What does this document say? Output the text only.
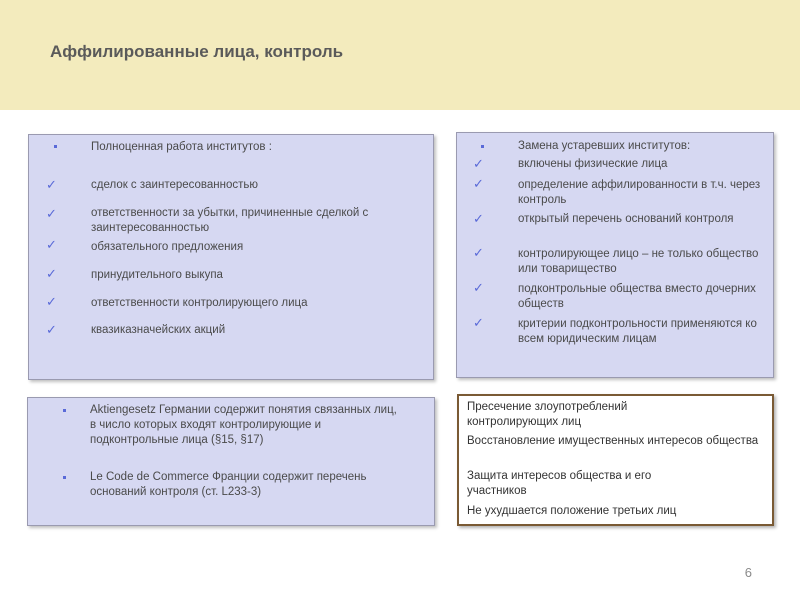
Аффилированные лица, контроль
Полноценная работа институтов :
✓	сделок с заинтересованностью
✓	ответственности за убытки, причиненные сделкой с заинтересованностью
✓	обязательного предложения
✓	принудительного выкупа
✓	ответственности контролирующего лица
✓	квазиказначейских акций
Замена устаревших институтов:
✓	включены физические лица
✓	определение аффилированности в т.ч. через контроль
✓	открытый перечень оснований контроля
✓	контролирующее лицо – не только общество или товарищество
✓	подконтрольные общества вместо дочерних обществ
✓	критерии подконтрольности применяются ко всем юридическим лицам
Aktiengesetz Германии содержит понятия связанных лиц, в число которых входят контролирующие и подконтрольные лица (§15, §17)
Le Code de Commerce Франции содержит перечень оснований контроля (ст. L233-3)
Пресечение злоупотреблений контролирующих лиц
Восстановление имущественных интересов общества
Защита интересов общества и его участников
Не ухудшается положение третьих лиц
6
